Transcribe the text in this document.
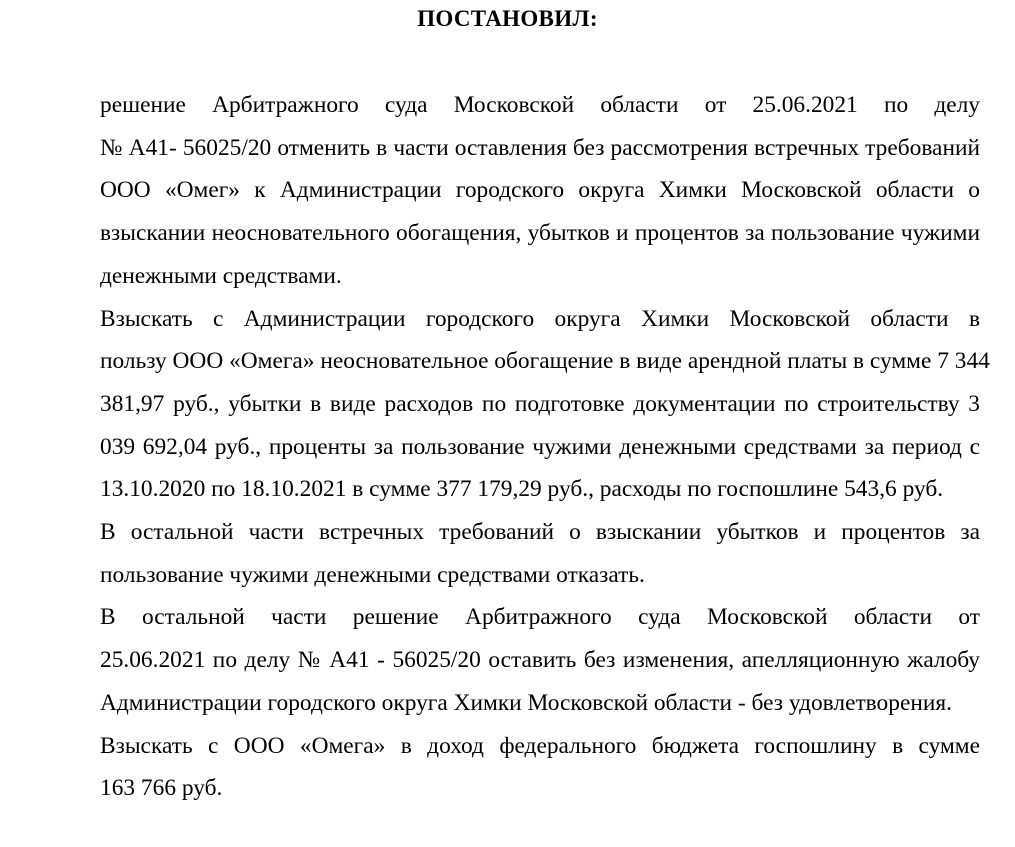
ПОСТАНОВИЛ:
решение Арбитражного суда Московской области от 25.06.2021 по делу
№ А41- 56025/20 отменить в части оставления без рассмотрения встречных требований
ООО «Омег» к Администрации городского округа Химки Московской области о
взыскании неосновательного обогащения, убытков и процентов за пользование чужими
денежными средствами.
Взыскать с Администрации городского округа Химки Московской области в
пользу ООО «Омега» неосновательное обогащение в виде арендной платы в сумме 7 344
381,97 руб., убытки в виде расходов по подготовке документации по строительству 3
039 692,04 руб., проценты за пользование чужими денежными средствами за период с
13.10.2020 по 18.10.2021 в сумме 377 179,29 руб., расходы по госпошлине 543,6 руб.
В остальной части встречных требований о взыскании убытков и процентов за
пользование чужими денежными средствами отказать.
В остальной части решение Арбитражного суда Московской области от
25.06.2021 по делу № А41 - 56025/20 оставить без изменения, апелляционную жалобу
Администрации городского округа Химки Московской области - без удовлетворения.
Взыскать с ООО «Омега» в доход федерального бюджета госпошлину в сумме
163 766 руб.
